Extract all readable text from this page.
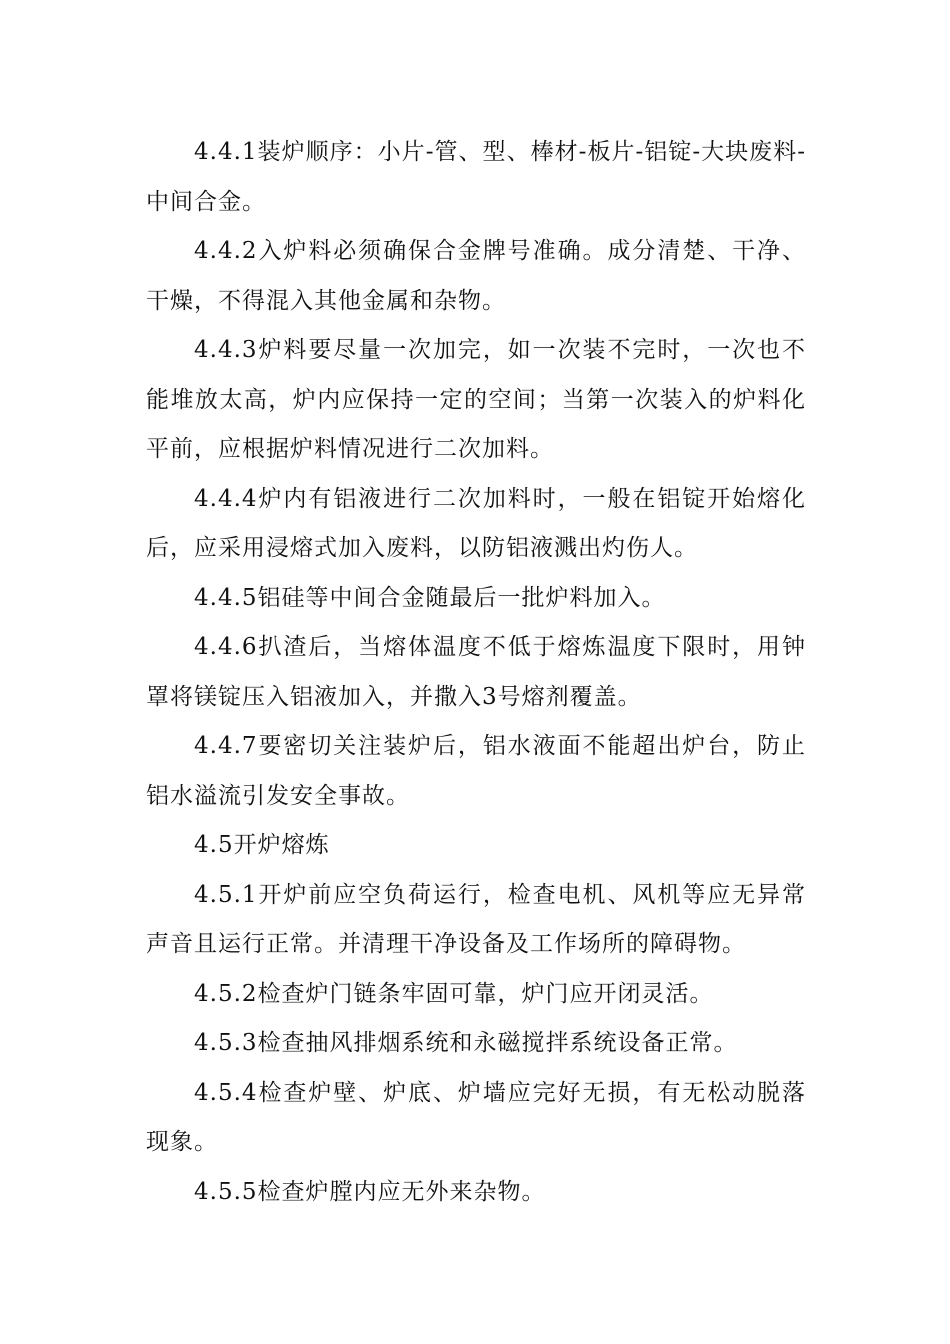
4.4.1装炉顺序：小片-管、型、棒材-板片-铝锭-大块废料-中间合金。

4.4.2入炉料必须确保合金牌号准确。成分清楚、干净、干燥，不得混入其他金属和杂物。

4.4.3炉料要尽量一次加完，如一次装不完时，一次也不能堆放太高，炉内应保持一定的空间；当第一次装入的炉料化平前，应根据炉料情况进行二次加料。

4.4.4炉内有铝液进行二次加料时，一般在铝锭开始熔化后，应采用浸熔式加入废料，以防铝液溅出灼伤人。

4.4.5铝硅等中间合金随最后一批炉料加入。

4.4.6扒渣后，当熔体温度不低于熔炼温度下限时，用钟罩将镁锭压入铝液加入，并撒入3号熔剂覆盖。

4.4.7要密切关注装炉后，铝水液面不能超出炉台，防止铝水溢流引发安全事故。

4.5开炉熔炼

4.5.1开炉前应空负荷运行，检查电机、风机等应无异常声音且运行正常。并清理干净设备及工作场所的障碍物。

4.5.2检查炉门链条牢固可靠，炉门应开闭灵活。

4.5.3检查抽风排烟系统和永磁搅拌系统设备正常。

4.5.4检查炉壁、炉底、炉墙应完好无损，有无松动脱落现象。

4.5.5检查炉膛内应无外来杂物。
